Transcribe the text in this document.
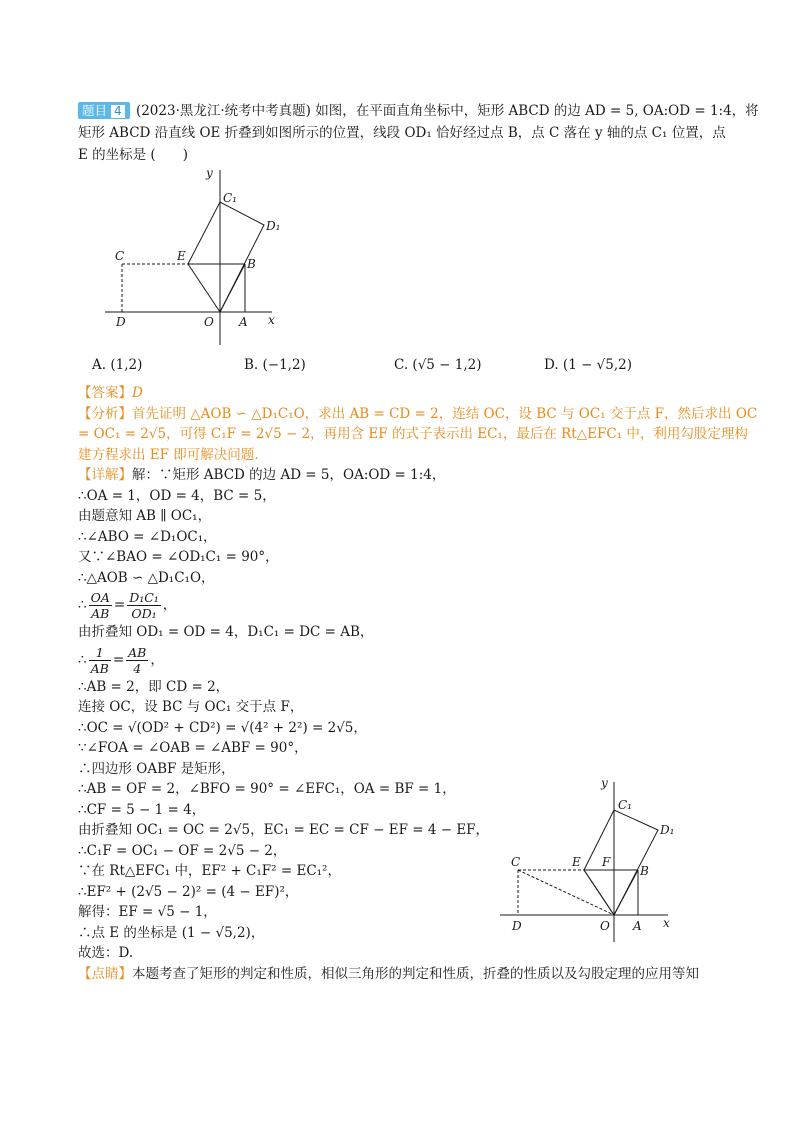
题目 4 (2023·黑龙江·统考中考真题) 如图，在平面直角坐标中，矩形 ABCD 的边 AD = 5, OA:OD = 1:4，将
矩形 ABCD 沿直线 OE 折叠到如图所示的位置，线段 OD₁ 恰好经过点 B，点 C 落在 y 轴的点 C₁ 位置，点
E 的坐标是 (　　)
y
x
C₁
D₁
C	E
B
D	O A
A. (1,2)	B. (−1,2)	C. (√5 − 1,2)	D. (1 − √5,2)
【答案】D
【分析】首先证明 △AOB ∽ △D₁C₁O，求出 AB = CD = 2，连结 OC，设 BC 与 OC₁ 交于点 F，然后求出 OC
= OC₁ = 2√5，可得 C₁F = 2√5 − 2，再用含 EF 的式子表示出 EC₁，最后在 Rt△EFC₁ 中，利用勾股定理构
建方程求出 EF 即可解决问题.
【详解】解：∵矩形 ABCD 的边 AD = 5，OA:OD = 1:4，
∴OA = 1，OD = 4，BC = 5，
由题意知 AB ∥ OC₁，
∴∠ABO = ∠D₁OC₁，
又∵∠BAO = ∠OD₁C₁ = 90°，
∴△AOB ∽ △D₁C₁O，
∴ $\frac{OA}{AB} = \frac{\text{D₁C₁}}{\text{OD₁}}$ ，
由折叠知 OD₁ = OD = 4，D₁C₁ = DC = AB，
∴ $\frac{1}{AB} = \frac{AB}{4}$ ，
∴AB = 2，即 CD = 2，
连接 OC，设 BC 与 OC₁ 交于点 F，
∴OC = √(OD² + CD²) = √(4² + 2²) = 2√5，
∵∠FOA = ∠OAB = ∠ABF = 90°，
∴四边形 OABF 是矩形，
∴AB = OF = 2，∠BFO = 90° = ∠EFC₁，OA = BF = 1，
∴CF = 5 − 1 = 4，
由折叠知 OC₁ = OC = 2√5，EC₁ = EC = CF − EF = 4 − EF，
∴C₁F = OC₁ − OF = 2√5 − 2，
∵在 Rt△EFC₁ 中，EF² + C₁F² = EC₁²，
∴EF² + (2√5 − 2)² = (4 − EF)²，
解得：EF = √5 − 1，
∴点 E 的坐标是 (1 − √5,2)，
故选：D.
【点睛】本题考查了矩形的判定和性质，相似三角形的判定和性质，折叠的性质以及勾股定理的应用等知
y
x
C₁
D₁
C	E F
B
D	O A
